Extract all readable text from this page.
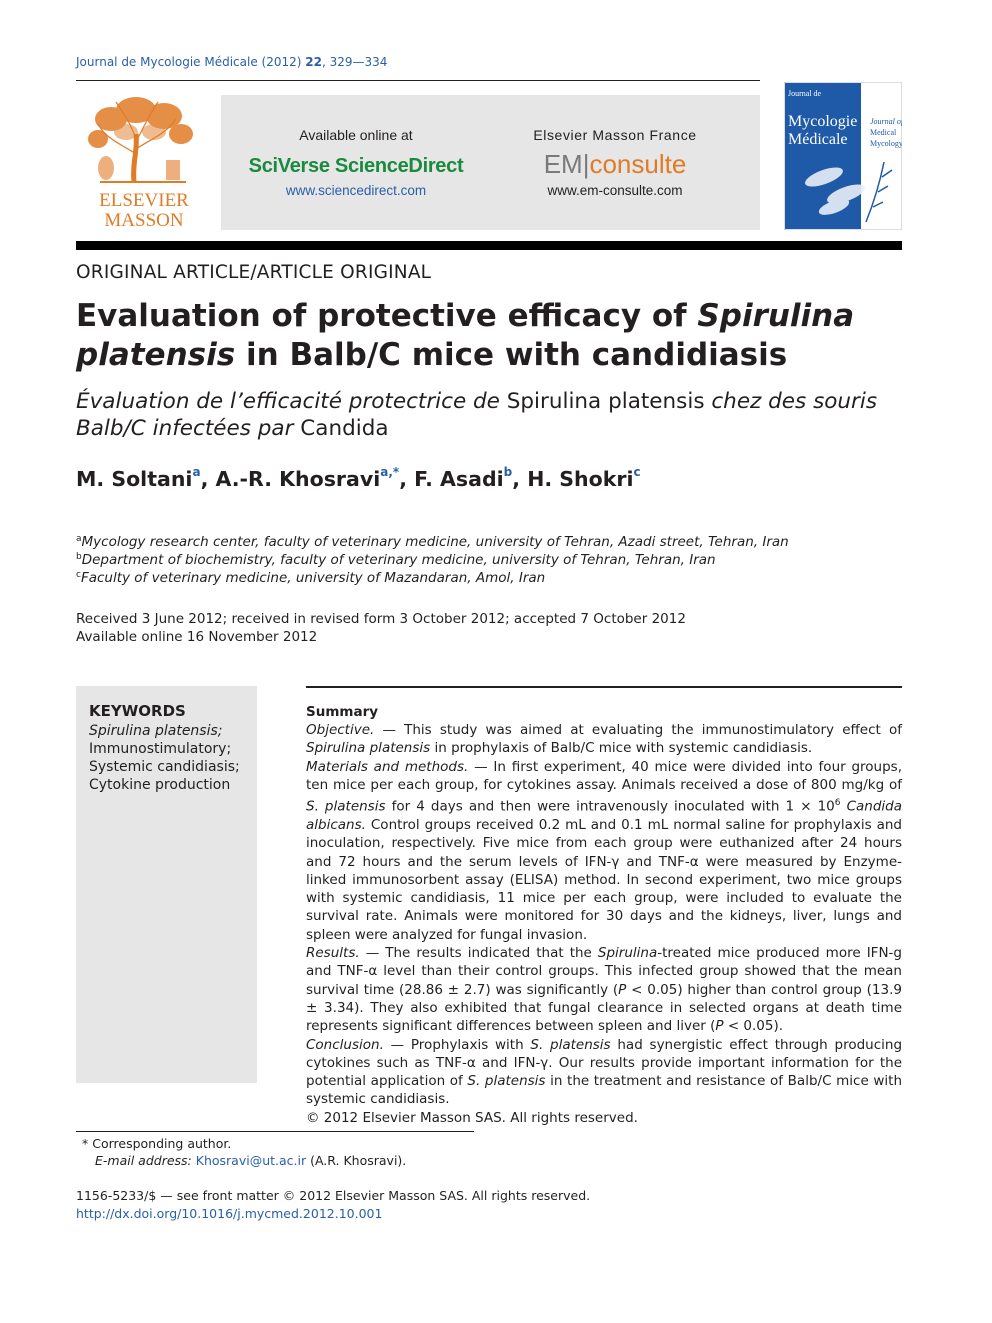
Journal de Mycologie Médicale (2012) 22, 329—334
ELSEVIER
MASSON
Available online at
SciVerse ScienceDirect
www.sciencedirect.com
Elsevier Masson France
EM|consulte
www.em-consulte.com
Journal de
Mycologie
Médicale
Journal of
Medical
Mycology
ORIGINAL ARTICLE/ARTICLE ORIGINAL
Evaluation of protective efficacy of Spirulina platensis in Balb/C mice with candidiasis
Évaluation de l’efficacité protectrice de Spirulina platensis chez des souris Balb/C infectées par Candida
M. Soltani$^a$, A.-R. Khosravi$^{a,*}$, F. Asadi$^b$, H. Shokri$^c$
$^a$Mycology research center, faculty of veterinary medicine, university of Tehran, Azadi street, Tehran, Iran
$^b$Department of biochemistry, faculty of veterinary medicine, university of Tehran, Tehran, Iran
$^c$Faculty of veterinary medicine, university of Mazandaran, Amol, Iran
Received 3 June 2012; received in revised form 3 October 2012; accepted 7 October 2012
Available online 16 November 2012
KEYWORDS
Spirulina platensis;
Immunostimulatory;
Systemic candidiasis;
Cytokine production
Summary

Objective. — This study was aimed at evaluating the immunostimulatory effect of Spirulina platensis in prophylaxis of Balb/C mice with systemic candidiasis.

Materials and methods. — In first experiment, 40 mice were divided into four groups, ten mice per each group, for cytokines assay. Animals received a dose of 800 mg/kg of S. platensis for 4 days and then were intravenously inoculated with $1 \times 10^6$ Candida albicans. Control groups received 0.2 mL and 0.1 mL normal saline for prophylaxis and inoculation, respectively. Five mice from each group were euthanized after 24 hours and 72 hours and the serum levels of IFN-γ and TNF-α were measured by Enzyme-linked immunosorbent assay (ELISA) method. In second experiment, two mice groups with systemic candidiasis, 11 mice per each group, were included to evaluate the survival rate. Animals were monitored for 30 days and the kidneys, liver, lungs and spleen were analyzed for fungal invasion.

Results. — The results indicated that the Spirulina-treated mice produced more IFN-g and TNF-α level than their control groups. This infected group showed that the mean survival time (28.86 ± 2.7) was significantly (P < 0.05) higher than control group (13.9 ± 3.34). They also exhibited that fungal clearance in selected organs at death time represents significant differences between spleen and liver (P < 0.05).

Conclusion. — Prophylaxis with S. platensis had synergistic effect through producing cytokines such as TNF-α and IFN-γ. Our results provide important information for the potential application of S. platensis in the treatment and resistance of Balb/C mice with systemic candidiasis.

© 2012 Elsevier Masson SAS. All rights reserved.

* Corresponding author.
E-mail address: Khosravi@ut.ac.ir (A.R. Khosravi).
1156-5233/$ — see front matter © 2012 Elsevier Masson SAS. All rights reserved.
http://dx.doi.org/10.1016/j.mycmed.2012.10.001
